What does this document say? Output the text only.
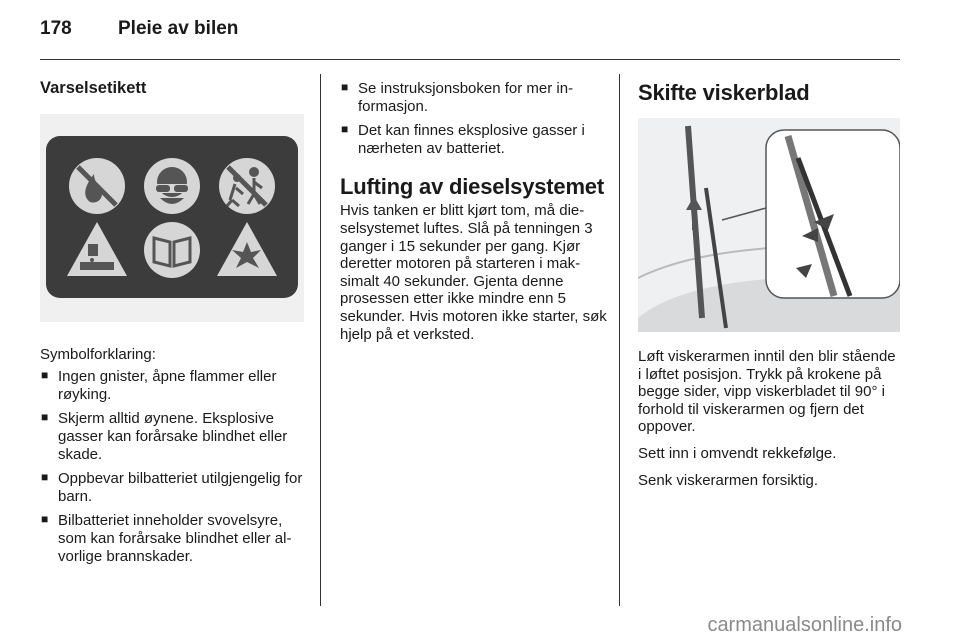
178 Pleie av bilen
Varselsetikett

Symbolforklaring:

■ Ingen gnister, åpne flammer eller røyking.
■ Skjerm alltid øynene. Eksplosive gasser kan forårsake blindhet eller skade.
■ Oppbevar bilbatteriet utilgjengelig for barn.
■ Bilbatteriet inneholder svovelsyre, som kan forårsake blindhet eller alvorlige brannskader.
■ Se instruksjonsboken for mer informasjon.
■ Det kan finnes eksplosive gasser i nærheten av batteriet.
Lufting av dieselsystemet

Hvis tanken er blitt kjørt tom, må dieselsystemet luftes. Slå på tenningen 3 ganger i 15 sekunder per gang. Kjør deretter motoren på starteren i maksimalt 40 sekunder. Gjenta denne prosessen etter ikke mindre enn 5 sekunder. Hvis motoren ikke starter, søk hjelp på et verksted.

Skifte viskerblad

Løft viskerarmen inntil den blir stående i løftet posisjon. Trykk på krokene på begge sider, vipp viskerbladet til 90° i forhold til viskerarmen og fjern det oppover.

Sett inn i omvendt rekkefølge.

Senk viskerarmen forsiktig.

carmanualsonline.info
